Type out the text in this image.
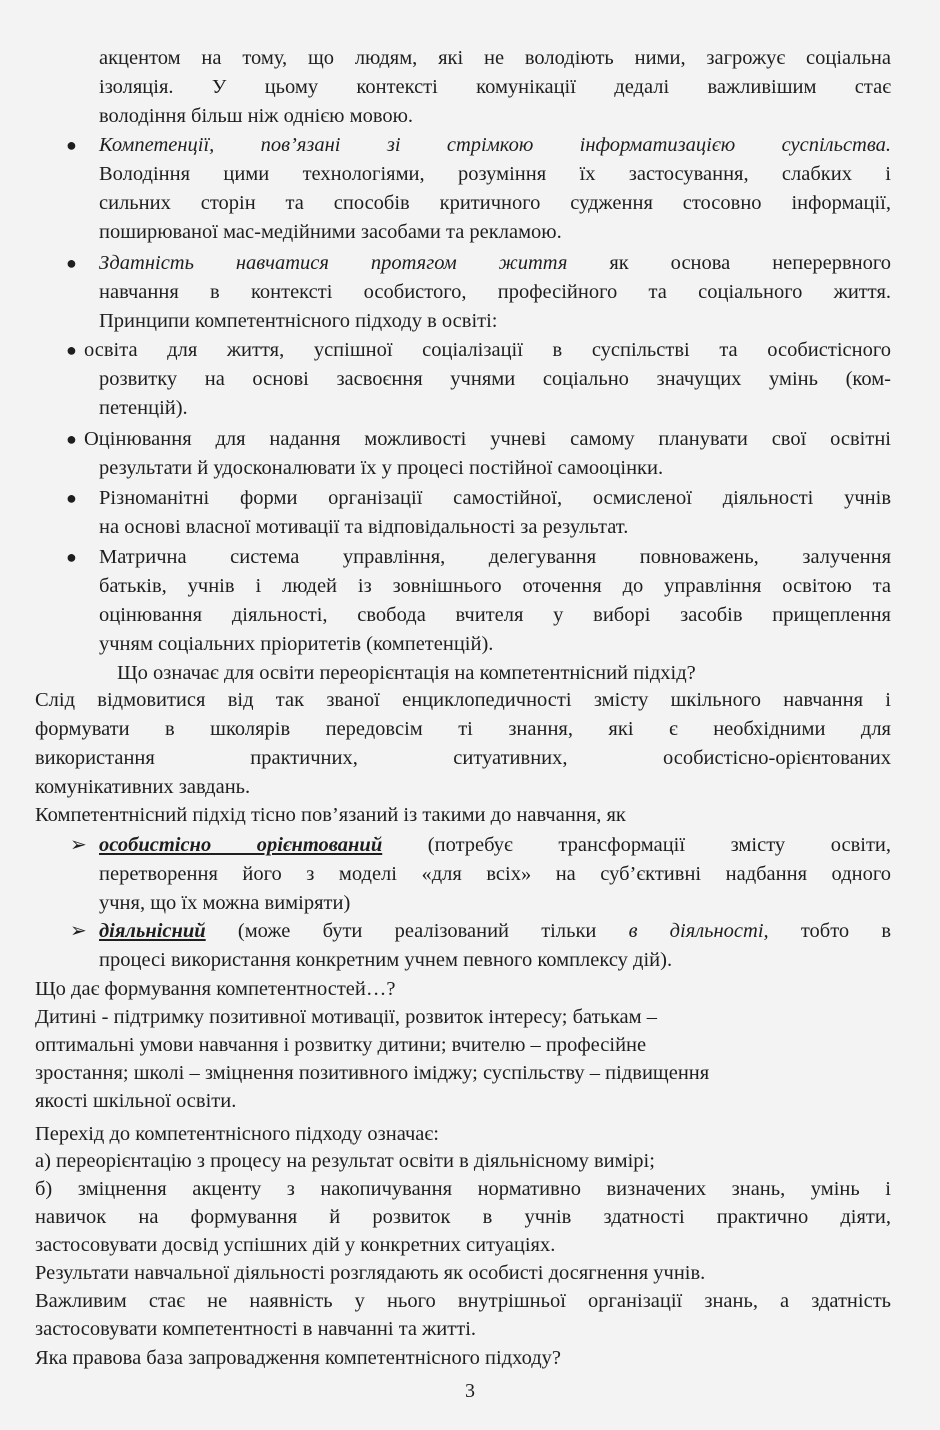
акцентом на тому, що людям, які не володіють ними, загрожує соціальна
ізоляція. У цьому контексті комунікації дедалі важливішим стає
володіння більш ніж однією мовою.
● Компетенції, пов’язані зі стрімкою інформатизацією суспільства.
Володіння цими технологіями, розуміння їх застосування, слабких і
сильних сторін та способів критичного судження стосовно інформації,
поширюваної мас-медійними засобами та рекламою.
● Здатність навчатися протягом життя як основа неперервного
навчання в контексті особистого, професійного та соціального життя.
Принципи компетентнісного підходу в освіті:
● освіта для життя, успішної соціалізації в суспільстві та особистісного
розвитку на основі засвоєння учнями соціально значущих умінь (ком-
петенцій).
● Оцінювання для надання можливості учневі самому планувати свої освітні
результати й удосконалювати їх у процесі постійної самооцінки.
● Різноманітні форми організації самостійної, осмисленої діяльності учнів
на основі власної мотивації та відповідальності за результат.
● Матрична система управління, делегування повноважень, залучення
батьків, учнів і людей із зовнішнього оточення до управління освітою та
оцінювання діяльності, свобода вчителя у виборі засобів прищеплення
учням соціальних пріоритетів (компетенцій).
Що означає для освіти переорієнтація на компетентнісний підхід?
Слід відмовитися від так званої енциклопедичності змісту шкільного навчання і
формувати в школярів передовсім ті знання, які є необхідними для
використання практичних, ситуативних, особистісно-орієнтованих
комунікативних завдань.
Компетентнісний підхід тісно пов’язаний із такими до навчання, як
➢ особистісно орієнтований (потребує трансформації змісту освіти,
перетворення його з моделі «для всіх» на суб’єктивні надбання одного
учня, що їх можна виміряти)
➢ діяльнісний (може бути реалізований тільки в діяльності, тобто в
процесі використання конкретним учнем певного комплексу дій).
Що дає формування компетентностей…?
Дитині - підтримку позитивної мотивації, розвиток інтересу; батькам –
оптимальні умови навчання і розвитку дитини; вчителю – професійне
зростання; школі – зміцнення позитивного іміджу; суспільству – підвищення
якості шкільної освіти.
Перехід до компетентнісного підходу означає:
а) переорієнтацію з процесу на результат освіти в діяльнісному вимірі;
б) зміцнення акценту з накопичування нормативно визначених знань, умінь і
навичок на формування й розвиток в учнів здатності практично діяти,
застосовувати досвід успішних дій у конкретних ситуаціях.
Результати навчальної діяльності розглядають як особисті досягнення учнів.
Важливим стає не наявність у нього внутрішньої організації знань, а здатність
застосовувати компетентності в навчанні та житті.
Яка правова база запровадження компетентнісного підходу?
3
